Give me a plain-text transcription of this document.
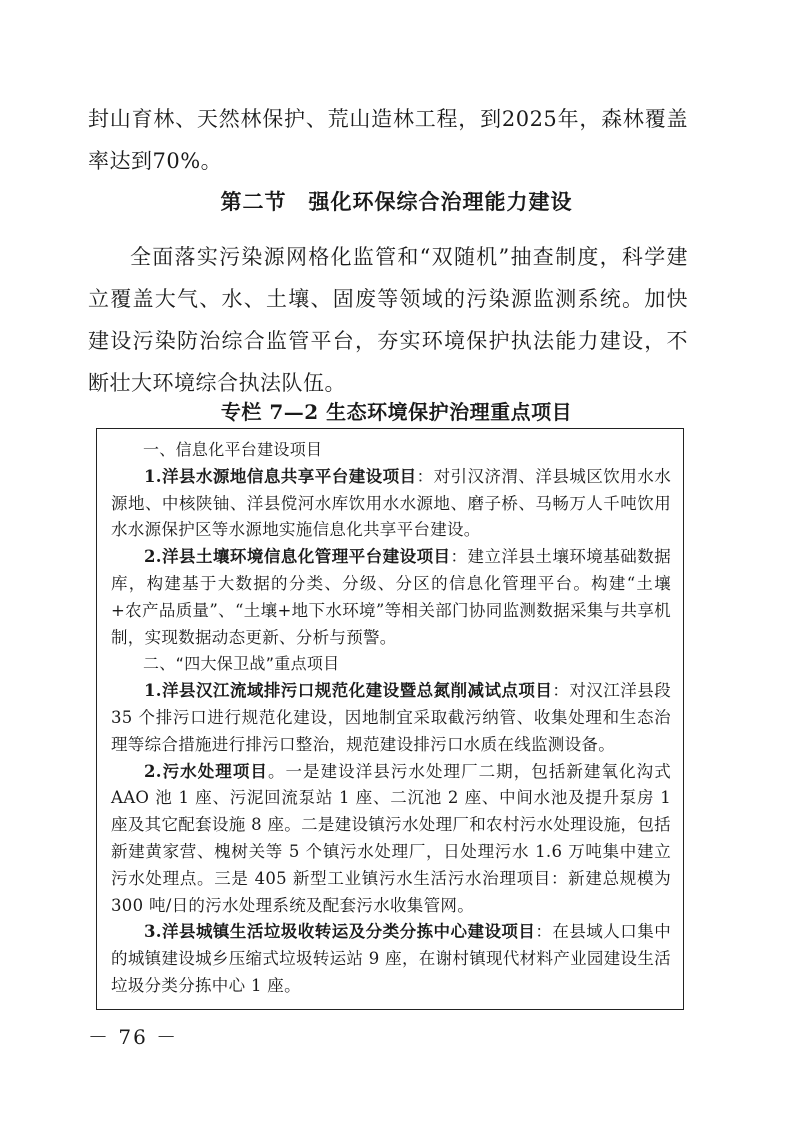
封山育林、天然林保护、荒山造林工程，到2025年，森林覆盖率达到70%。

第二节　强化环保综合治理能力建设

全面落实污染源网格化监管和“双随机”抽查制度，科学建立覆盖大气、水、土壤、固废等领域的污染源监测系统。加快建设污染防治综合监管平台，夯实环境保护执法能力建设，不断壮大环境综合执法队伍。

专栏 7—2 生态环境保护治理重点项目

一、信息化平台建设项目

1.洋县水源地信息共享平台建设项目：对引汉济渭、洋县城区饮用水水源地、中核陕铀、洋县傥河水库饮用水水源地、磨子桥、马畅万人千吨饮用水水源保护区等水源地实施信息化共享平台建设。

2.洋县土壤环境信息化管理平台建设项目：建立洋县土壤环境基础数据库，构建基于大数据的分类、分级、分区的信息化管理平台。构建“土壤+农产品质量”、“土壤+地下水环境”等相关部门协同监测数据采集与共享机制，实现数据动态更新、分析与预警。

二、“四大保卫战”重点项目

1.洋县汉江流域排污口规范化建设暨总氮削减试点项目：对汉江洋县段 35 个排污口进行规范化建设，因地制宜采取截污纳管、收集处理和生态治理等综合措施进行排污口整治，规范建设排污口水质在线监测设备。

2.污水处理项目。一是建设洋县污水处理厂二期，包括新建氧化沟式 AAO 池 1 座、污泥回流泵站 1 座、二沉池 2 座、中间水池及提升泵房 1 座及其它配套设施 8 座。二是建设镇污水处理厂和农村污水处理设施，包括新建黄家营、槐树关等 5 个镇污水处理厂，日处理污水 1.6 万吨集中建立污水处理点。三是 405 新型工业镇污水生活污水治理项目：新建总规模为 300 吨/日的污水处理系统及配套污水收集管网。

3.洋县城镇生活垃圾收转运及分类分拣中心建设项目：在县域人口集中的城镇建设城乡压缩式垃圾转运站 9 座，在谢村镇现代材料产业园建设生活垃圾分类分拣中心 1 座。

－ 76 －
